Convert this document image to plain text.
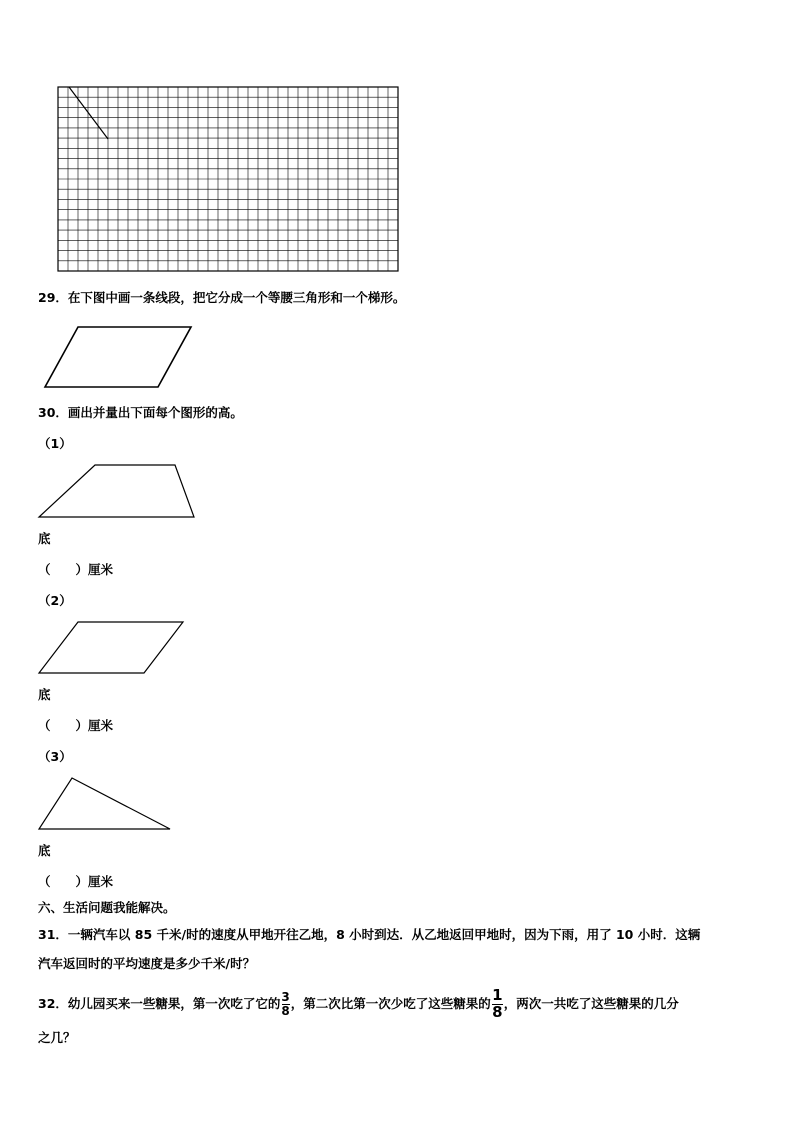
29．在下图中画一条线段，把它分成一个等腰三角形和一个梯形。
30．画出并量出下面每个图形的高。
（1）
底
（　　）厘米
（2）
底
（　　）厘米
（3）
底
（　　）厘米
六、生活问题我能解决。
31．一辆汽车以 85 千米/时的速度从甲地开往乙地，8 小时到达．从乙地返回甲地时，因为下雨，用了 10 小时．这辆
汽车返回时的平均速度是多少千米/时？
32．幼儿园买来一些糖果，第一次吃了它的 $\frac{3}{8}$ ，第二次比第一次少吃了这些糖果的 $\frac{1}{8}$ ，两次一共吃了这些糖果的几分
之几？
